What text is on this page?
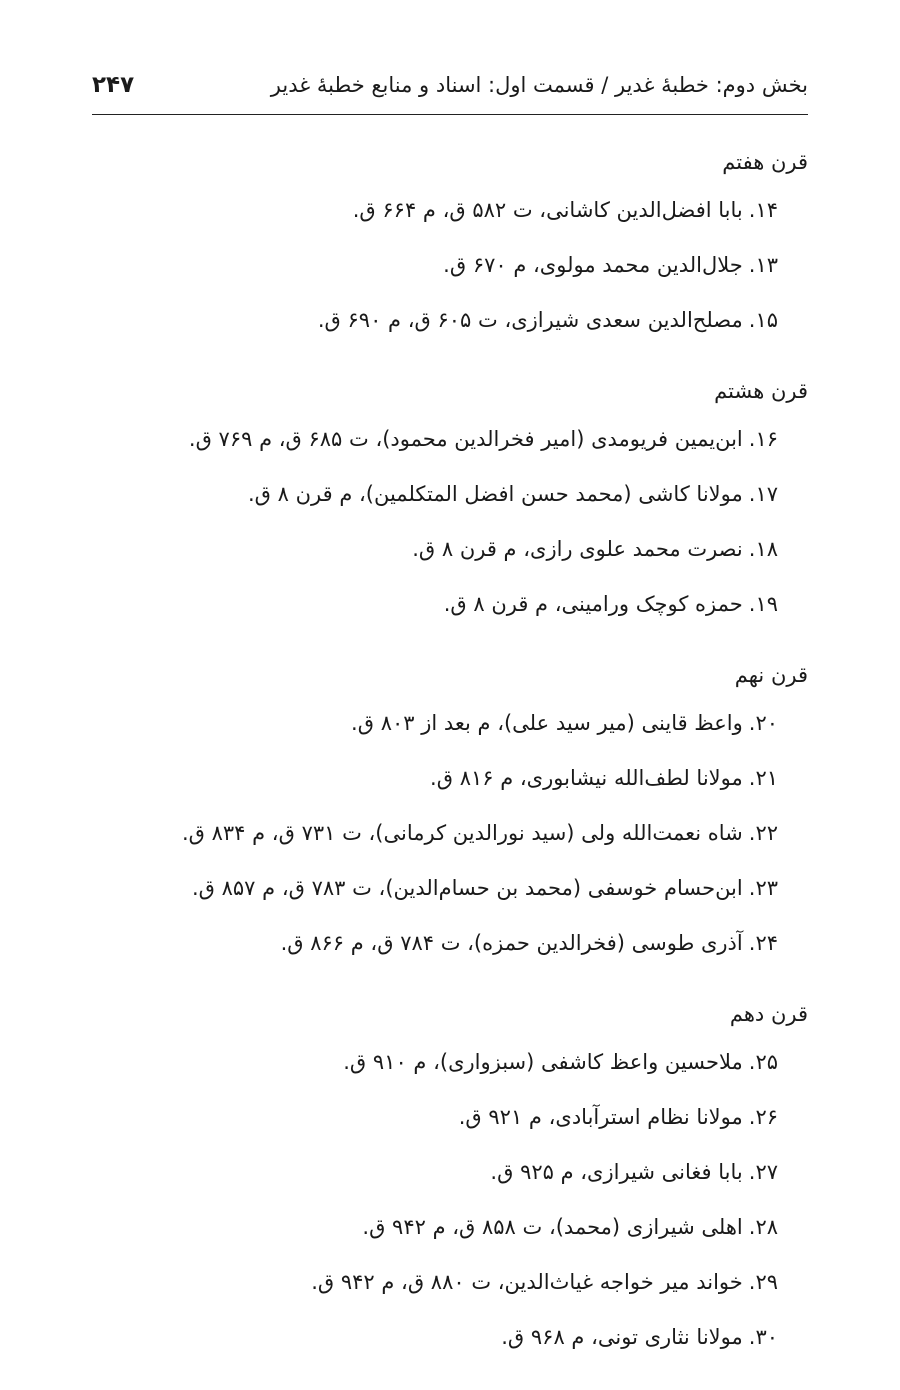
بخش دوم: خطبهٔ غدیر / قسمت اول: اسناد و منابع خطبهٔ غدیر
۲۴۷
قرن هفتم
۱۴.
بابا افضل‌الدین کاشانی، ت ۵۸۲ ق، م ۶۶۴ ق.
۱۳.
جلال‌الدین محمد مولوی، م ۶۷۰ ق.
۱۵.
مصلح‌الدین سعدی شیرازی، ت ۶۰۵ ق، م ۶۹۰ ق.
قرن هشتم
۱۶.
ابن‌یمین فریومدی (امیر فخرالدین محمود)، ت ۶۸۵ ق، م ۷۶۹ ق.
۱۷.
مولانا کاشی (محمد حسن افضل المتکلمین)، م قرن ۸ ق.
۱۸.
نصرت محمد علوی رازی، م قرن ۸ ق.
۱۹.
حمزه کوچک ورامینی، م قرن ۸ ق.
قرن نهم
۲۰.
واعظ قاینی (میر سید علی)، م بعد از ۸۰۳ ق.
۲۱.
مولانا لطف‌الله نیشابوری، م ۸۱۶ ق.
۲۲.
شاه نعمت‌الله ولی (سید نورالدین کرمانی)، ت ۷۳۱ ق، م ۸۳۴ ق.
۲۳.
ابن‌حسام خوسفی (محمد بن حسام‌الدین)، ت ۷۸۳ ق، م ۸۵۷ ق.
۲۴.
آذری طوسی (فخرالدین حمزه)، ت ۷۸۴ ق، م ۸۶۶ ق.
قرن دهم
۲۵.
ملاحسین واعظ کاشفی (سبزواری)، م ۹۱۰ ق.
۲۶.
مولانا نظام استرآبادی، م ۹۲۱ ق.
۲۷.
بابا فغانی شیرازی، م ۹۲۵ ق.
۲۸.
اهلی شیرازی (محمد)، ت ۸۵۸ ق، م ۹۴۲ ق.
۲۹.
خواند میر خواجه غیاث‌الدین، ت ۸۸۰ ق، م ۹۴۲ ق.
۳۰.
مولانا نثاری تونی، م ۹۶۸ ق.
